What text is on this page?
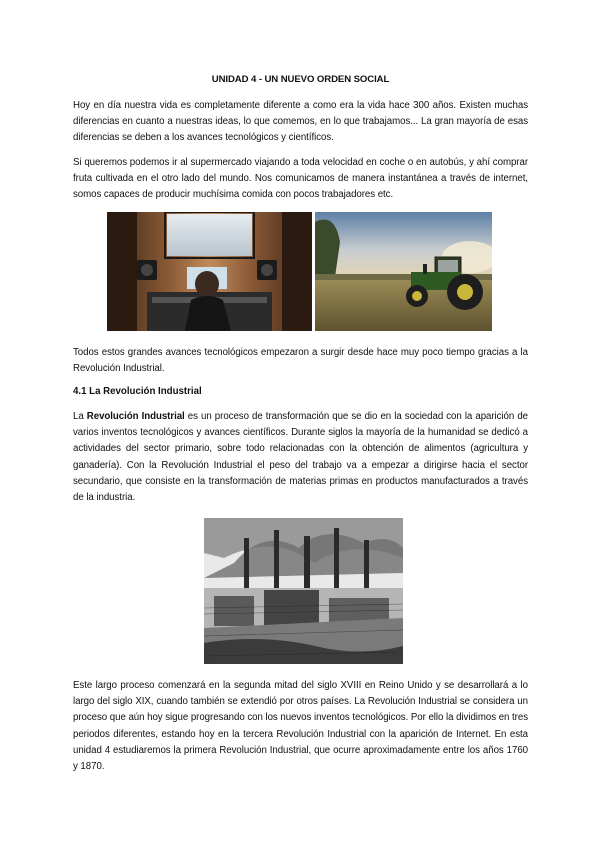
UNIDAD 4 - UN NUEVO ORDEN SOCIAL

Hoy en día nuestra vida es completamente diferente a como era la vida hace 300 años. Existen muchas diferencias en cuanto a nuestras ideas, lo que comemos, en lo que trabajamos... La gran mayoría de esas diferencias se deben a los avances tecnológicos y científicos.

Si queremos podemos ir al supermercado viajando a toda velocidad en coche o en autobús, y ahí comprar fruta cultivada en el otro lado del mundo. Nos comunicamos de manera instantánea a través de internet, somos capaces de producir muchísima comida con pocos trabajadores etc.

Todos estos grandes avances tecnológicos empezaron a surgir desde hace muy poco tiempo gracias a la Revolución Industrial.

4.1 La Revolución Industrial

La Revolución Industrial es un proceso de transformación que se dio en la sociedad con la aparición de varios inventos tecnológicos y avances científicos. Durante siglos la mayoría de la humanidad se dedicó a actividades del sector primario, sobre todo relacionadas con la obtención de alimentos (agricultura y ganadería). Con la Revolución Industrial el peso del trabajo va a empezar a dirigirse hacia el sector secundario, que consiste en la transformación de materias primas en productos manufacturados a través de la industria.

Este largo proceso comenzará en la segunda mitad del siglo XVIII en Reino Unido y se desarrollará a lo largo del siglo XIX, cuando también se extendió por otros países. La Revolución Industrial se considera un proceso que aún hoy sigue progresando con los nuevos inventos tecnológicos. Por ello la dividimos en tres periodos diferentes, estando hoy en la tercera Revolución Industrial con la aparición de Internet. En esta unidad 4 estudiaremos la primera Revolución Industrial, que ocurre aproximadamente entre los años 1760 y 1870.
